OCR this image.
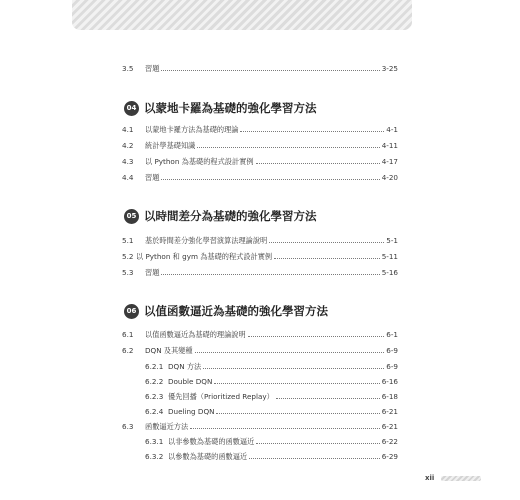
3.5	習題	3-25
04 以蒙地卡羅為基礎的強化學習方法
4.1	以蒙地卡羅方法為基礎的理論	4-1
4.2	統計學基礎知識	4-11
4.3	以 Python 為基礎的程式設計實例	4-17
4.4	習題	4-20
05 以時間差分為基礎的強化學習方法
5.1	基於時間差分強化學習演算法理論說明	5-1
5.2 以 Python 和 gym 為基礎的程式設計實例	5-11
5.3	習題	5-16
06 以值函數逼近為基礎的強化學習方法
6.1	以值函數逼近為基礎的理論說明	6-1
6.2	DQN 及其變種	6-9
6.2.1 DQN 方法	6-9
6.2.2 Double DQN	6-16
6.2.3 優先回播（Prioritized Replay）	6-18
6.2.4 Dueling DQN	6-21
6.3	函數逼近方法	6-21
6.3.1 以非參數為基礎的函數逼近	6-22
6.3.2 以參數為基礎的函數逼近	6-29
xii
